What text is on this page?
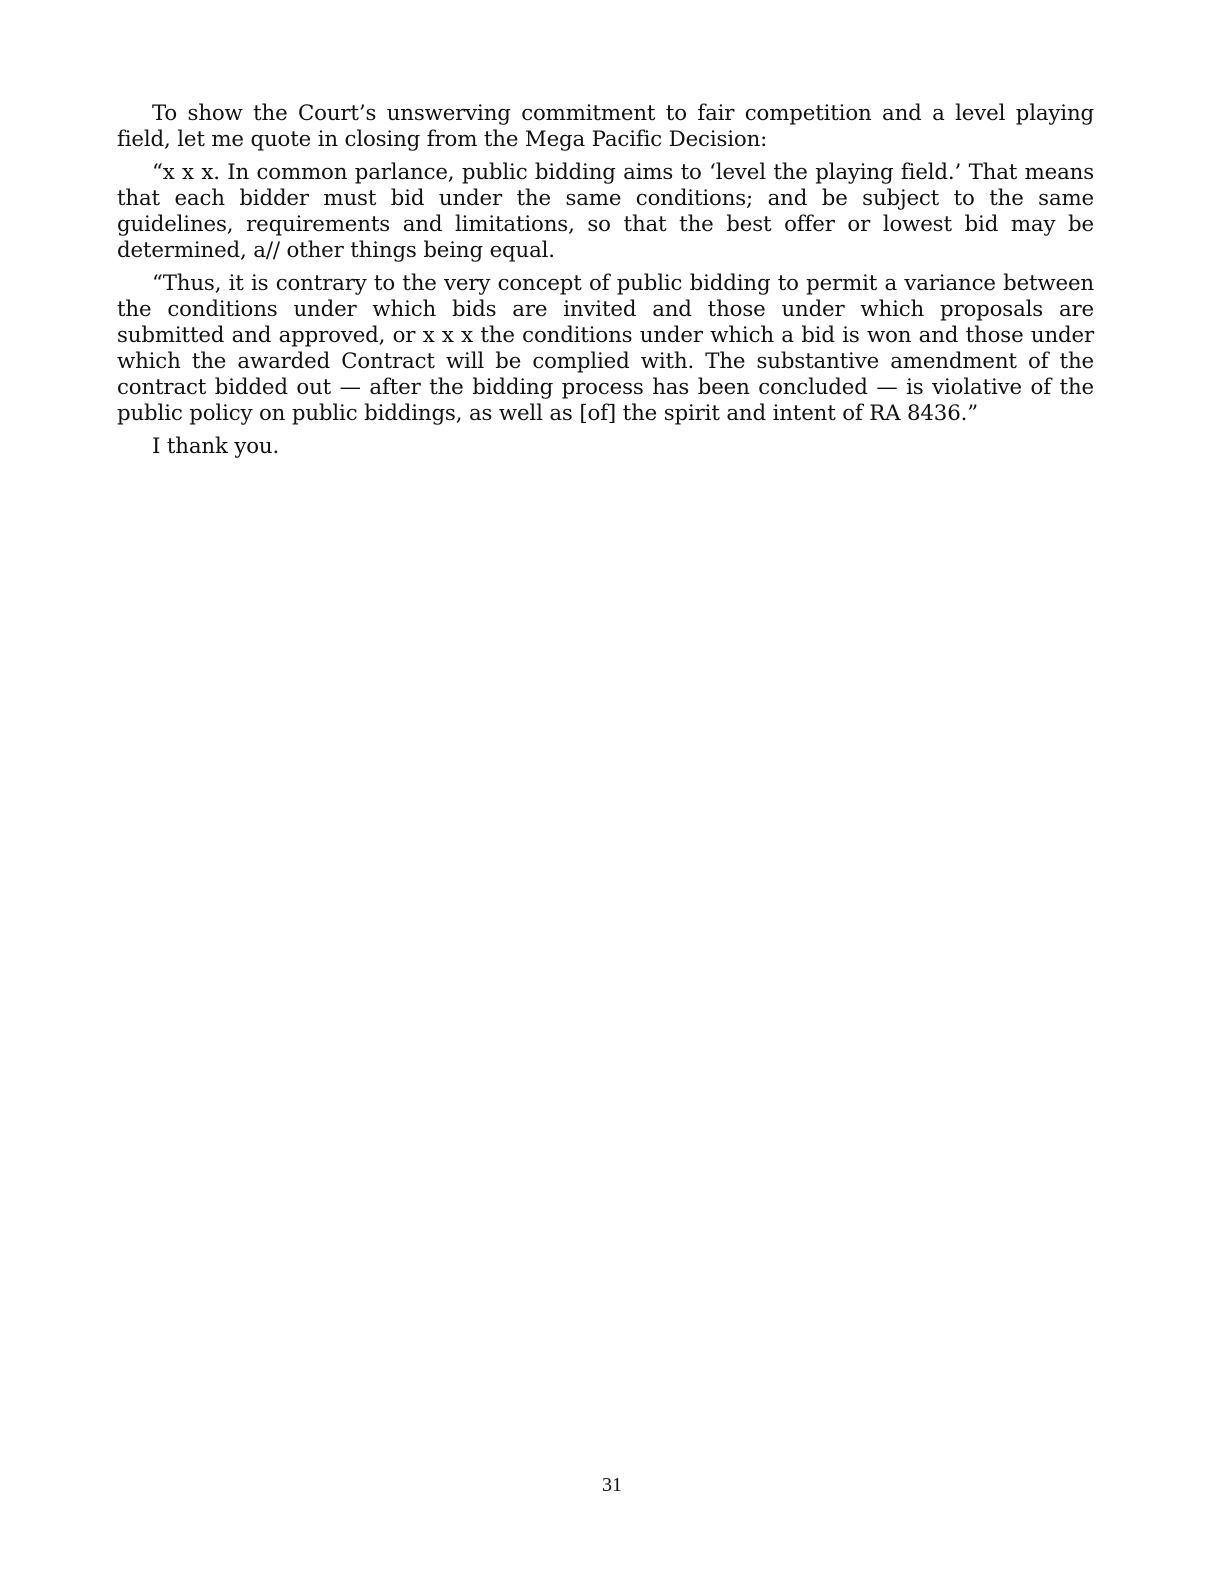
To show the Court’s unswerving commitment to fair competition and a level playing field, let me quote in closing from the Mega Pacific Decision:

“x x x. In common parlance, public bidding aims to ‘level the playing field.’ That means that each bidder must bid under the same conditions; and be subject to the same guidelines, requirements and limitations, so that the best offer or lowest bid may be determined, a// other things being equal.

“Thus, it is contrary to the very concept of public bidding to permit a variance between the conditions under which bids are invited and those under which proposals are submitted and approved, or x x x the conditions under which a bid is won and those under which the awarded Contract will be complied with. The substantive amendment of the contract bidded out — after the bidding process has been concluded — is violative of the public policy on public biddings, as well as [of] the spirit and intent of RA 8436.”

I thank you.

31
